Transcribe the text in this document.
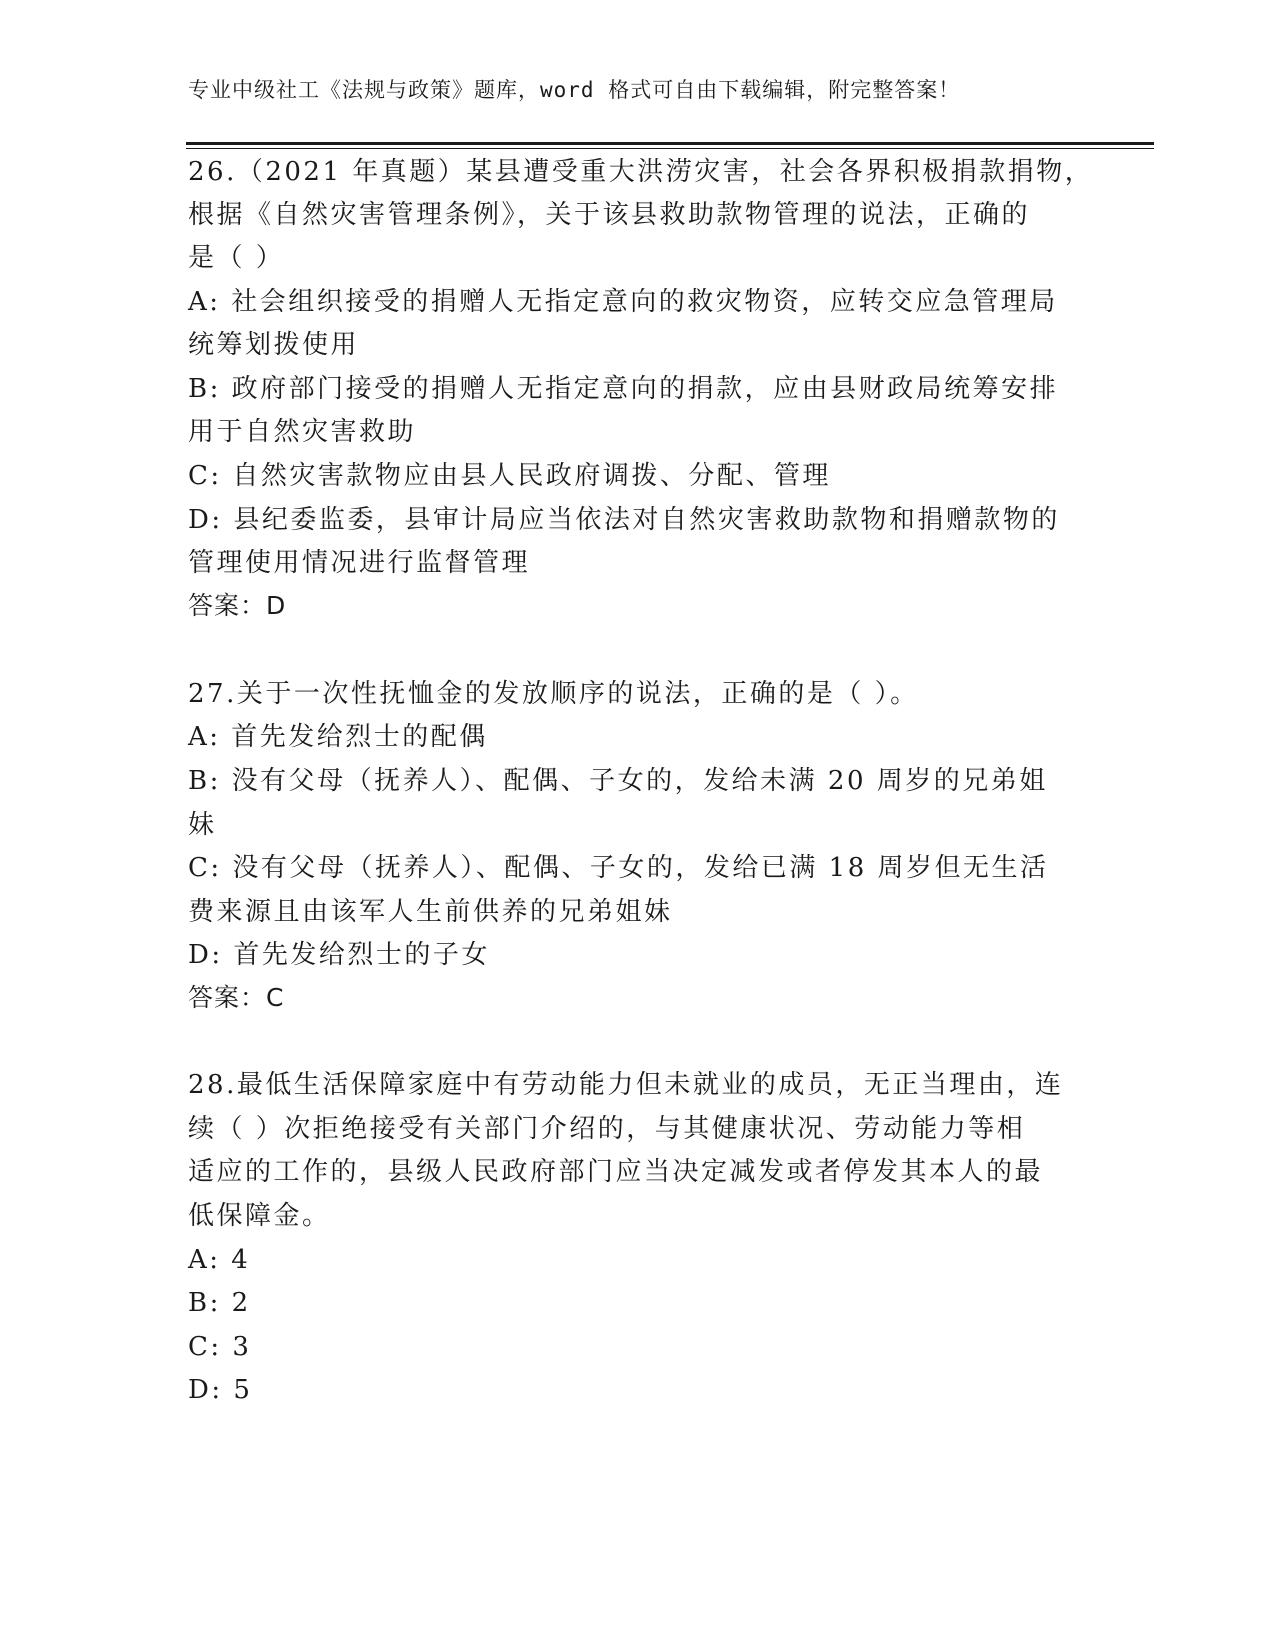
专业中级社工《法规与政策》题库，word 格式可自由下载编辑，附完整答案！
26.（2021 年真题）某县遭受重大洪涝灾害，社会各界积极捐款捐物，
根据《自然灾害管理条例》，关于该县救助款物管理的说法，正确的
是（ ）
A: 社会组织接受的捐赠人无指定意向的救灾物资，应转交应急管理局
统筹划拨使用
B: 政府部门接受的捐赠人无指定意向的捐款，应由县财政局统筹安排
用于自然灾害救助
C: 自然灾害款物应由县人民政府调拨、分配、管理
D: 县纪委监委，县审计局应当依法对自然灾害救助款物和捐赠款物的
管理使用情况进行监督管理
答案：D
27.关于一次性抚恤金的发放顺序的说法，正确的是（ ）。
A: 首先发给烈士的配偶
B: 没有父母（抚养人）、配偶、子女的，发给未满 20 周岁的兄弟姐
妹
C: 没有父母（抚养人）、配偶、子女的，发给已满 18 周岁但无生活
费来源且由该军人生前供养的兄弟姐妹
D: 首先发给烈士的子女
答案：C
28.最低生活保障家庭中有劳动能力但未就业的成员，无正当理由，连
续（ ）次拒绝接受有关部门介绍的，与其健康状况、劳动能力等相
适应的工作的，县级人民政府部门应当决定减发或者停发其本人的最
低保障金。
A: 4
B: 2
C: 3
D: 5
